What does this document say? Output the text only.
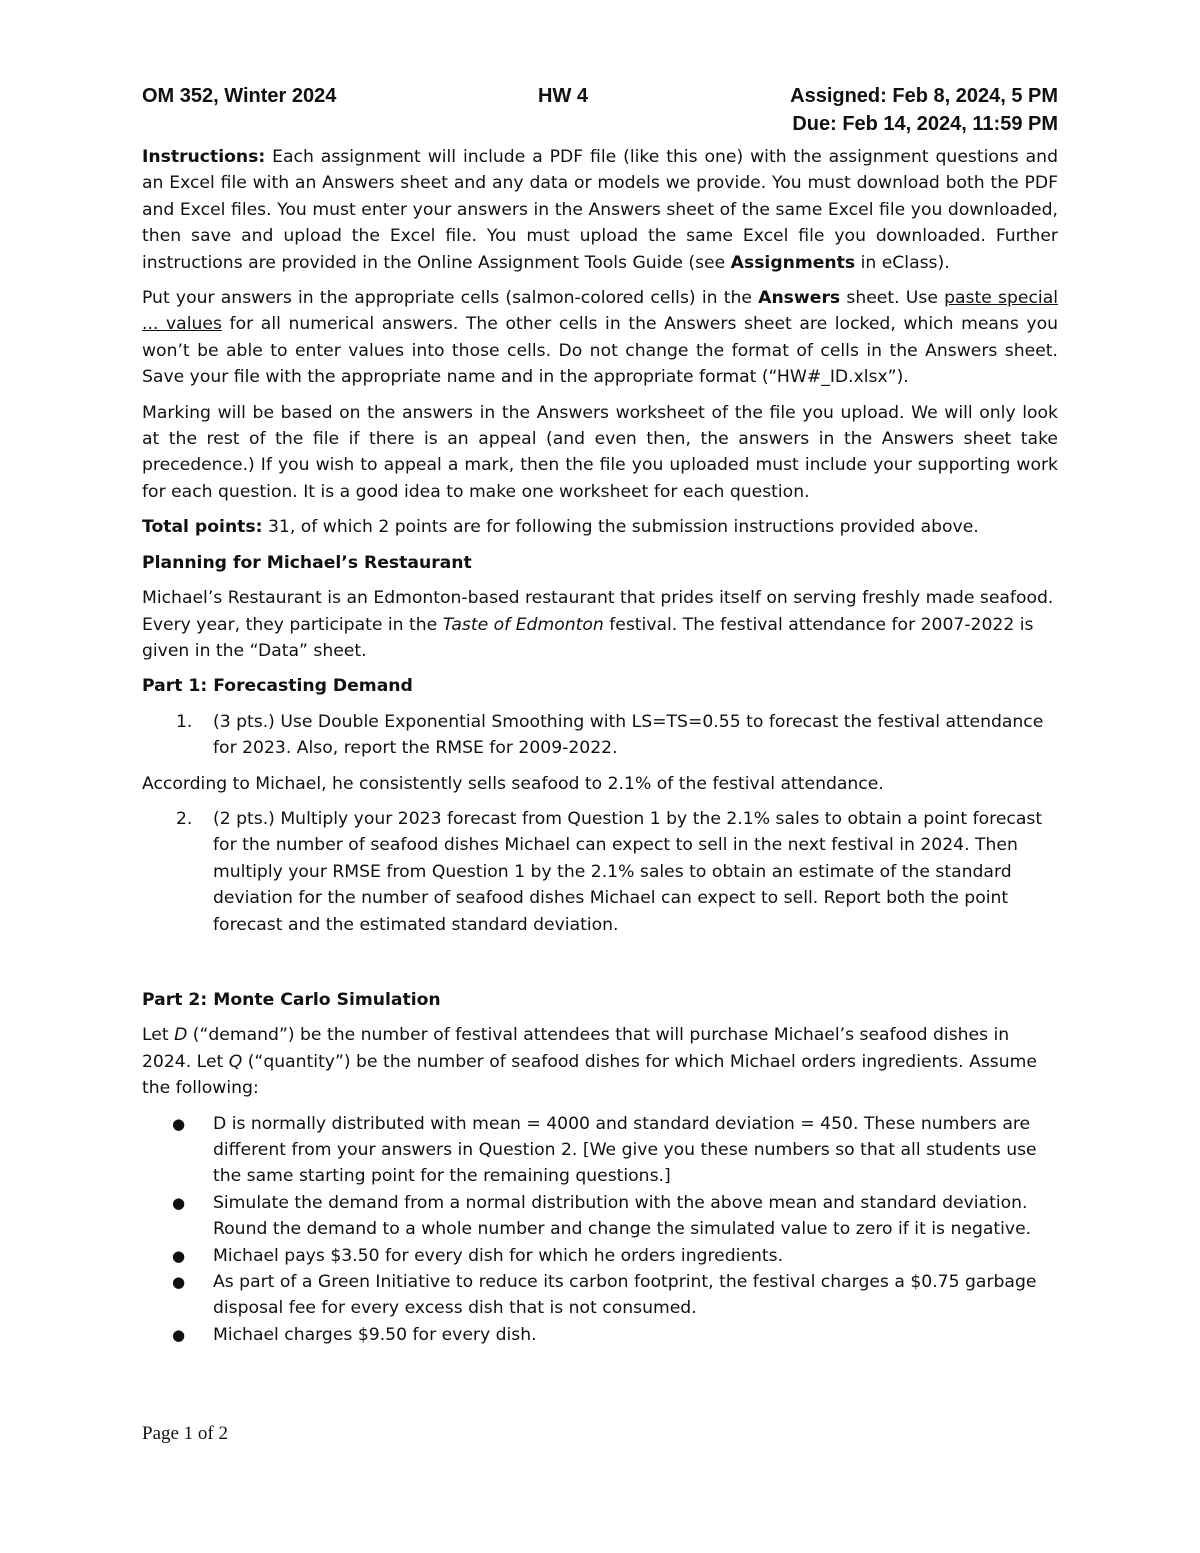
OM 352, Winter 2024	HW 4	Assigned: Feb 8, 2024, 5 PM
Due: Feb 14, 2024, 11:59 PM

Instructions: Each assignment will include a PDF file (like this one) with the assignment questions and an Excel file with an Answers sheet and any data or models we provide. You must download both the PDF and Excel files. You must enter your answers in the Answers sheet of the same Excel file you downloaded, then save and upload the Excel file. You must upload the same Excel file you downloaded. Further instructions are provided in the Online Assignment Tools Guide (see Assignments in eClass).

Put your answers in the appropriate cells (salmon-colored cells) in the Answers sheet. Use paste special ... values for all numerical answers. The other cells in the Answers sheet are locked, which means you won’t be able to enter values into those cells. Do not change the format of cells in the Answers sheet. Save your file with the appropriate name and in the appropriate format (“HW#_ID.xlsx”).

Marking will be based on the answers in the Answers worksheet of the file you upload. We will only look at the rest of the file if there is an appeal (and even then, the answers in the Answers sheet take precedence.) If you wish to appeal a mark, then the file you uploaded must include your supporting work for each question. It is a good idea to make one worksheet for each question.

Total points: 31, of which 2 points are for following the submission instructions provided above.

Planning for Michael’s Restaurant

Michael’s Restaurant is an Edmonton-based restaurant that prides itself on serving freshly made seafood. Every year, they participate in the Taste of Edmonton festival. The festival attendance for 2007-2022 is given in the “Data” sheet.

Part 1: Forecasting Demand

1. (3 pts.) Use Double Exponential Smoothing with LS=TS=0.55 to forecast the festival attendance for 2023. Also, report the RMSE for 2009-2022.

According to Michael, he consistently sells seafood to 2.1% of the festival attendance.

2. (2 pts.) Multiply your 2023 forecast from Question 1 by the 2.1% sales to obtain a point forecast for the number of seafood dishes Michael can expect to sell in the next festival in 2024. Then multiply your RMSE from Question 1 by the 2.1% sales to obtain an estimate of the standard deviation for the number of seafood dishes Michael can expect to sell. Report both the point forecast and the estimated standard deviation.

Part 2: Monte Carlo Simulation

Let D (“demand”) be the number of festival attendees that will purchase Michael’s seafood dishes in 2024. Let Q (“quantity”) be the number of seafood dishes for which Michael orders ingredients. Assume the following:

● D is normally distributed with mean = 4000 and standard deviation = 450. These numbers are different from your answers in Question 2. [We give you these numbers so that all students use the same starting point for the remaining questions.]
● Simulate the demand from a normal distribution with the above mean and standard deviation. Round the demand to a whole number and change the simulated value to zero if it is negative.
● Michael pays $3.50 for every dish for which he orders ingredients.
● As part of a Green Initiative to reduce its carbon footprint, the festival charges a $0.75 garbage disposal fee for every excess dish that is not consumed.
● Michael charges $9.50 for every dish.
Page 1 of 2
